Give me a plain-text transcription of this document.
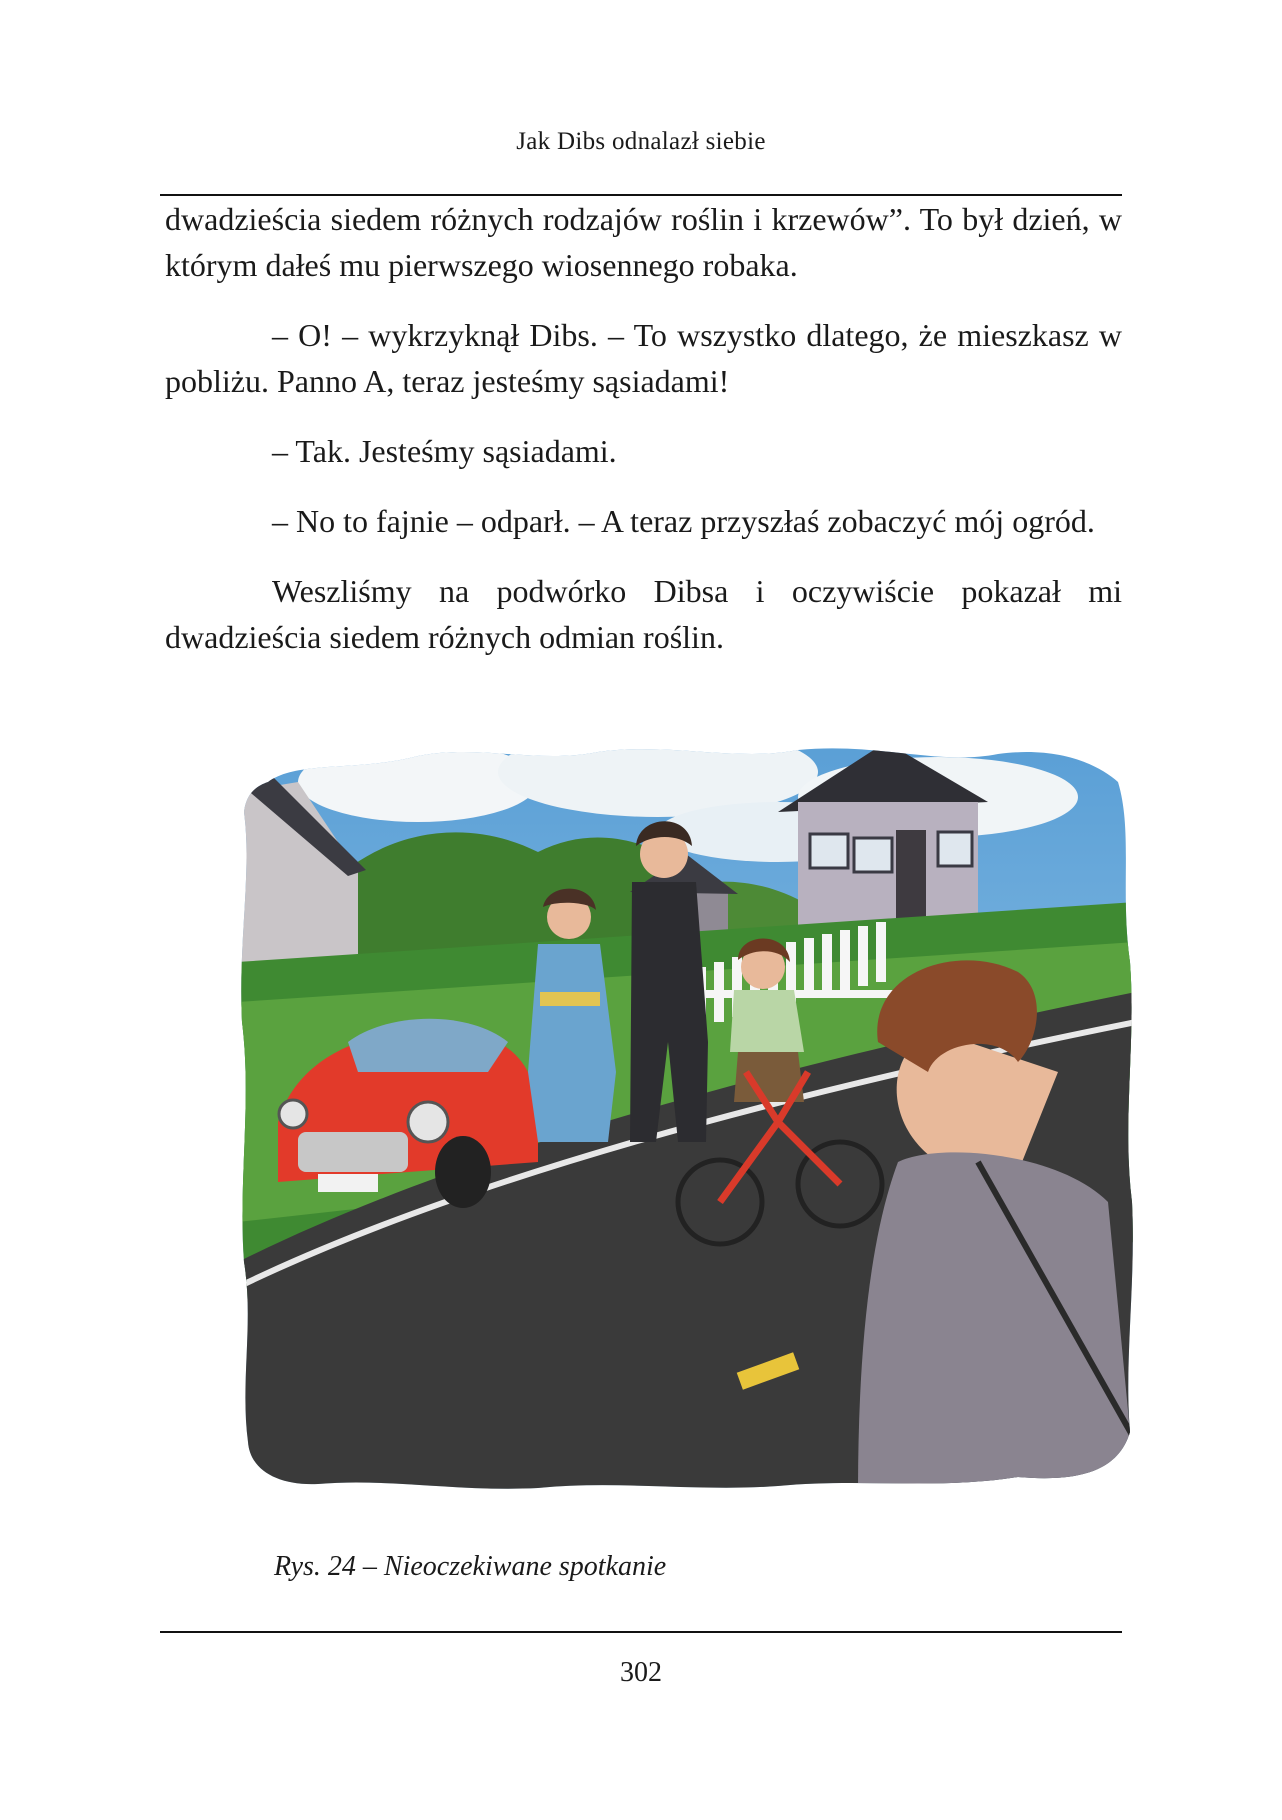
Jak Dibs odnalazł siebie

dwadzieścia siedem różnych rodzajów roślin i krzewów”. To był dzień, w którym dałeś mu pierwszego wiosennego robaka.

– O! – wykrzyknął Dibs. – To wszystko dlatego, że mieszkasz w pobliżu. Panno A, teraz jesteśmy sąsiadami!

– Tak. Jesteśmy sąsiadami.

– No to fajnie – odparł. – A teraz przyszłaś zobaczyć mój ogród.

Weszliśmy na podwórko Dibsa i oczywiście pokazał mi dwadzieścia siedem różnych odmian roślin.

Rys. 24 – Nieoczekiwane spotkanie
302
